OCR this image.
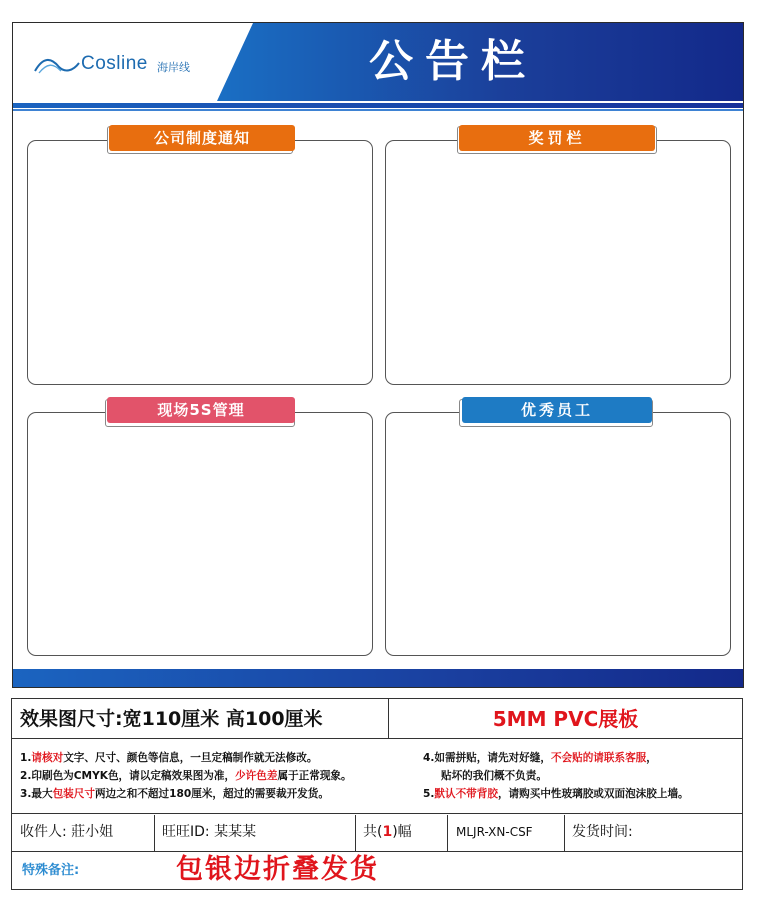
Cosline 海岸线	公告栏
公司制度通知	奖罚栏
现场5S管理	优秀员工
效果图尺寸:宽110厘米 高100厘米	5MM PVC展板
1.请核对文字、尺寸、颜色等信息，一旦定稿制作就无法修改。
2.印刷色为CMYK色，请以定稿效果图为准，少许色差属于正常现象。
3.最大包装尺寸两边之和不超过180厘米，超过的需要裁开发货。
4.如需拼贴，请先对好缝，不会贴的请联系客服，
贴坏的我们概不负责。
5.默认不带背胶，请购买中性玻璃胶或双面泡沫胶上墙。
收件人: 莊小姐	旺旺ID: 某某某	共(1)幅	MLJR-XN-CSF	发货时间:
特殊备注:	包银边折叠发货
